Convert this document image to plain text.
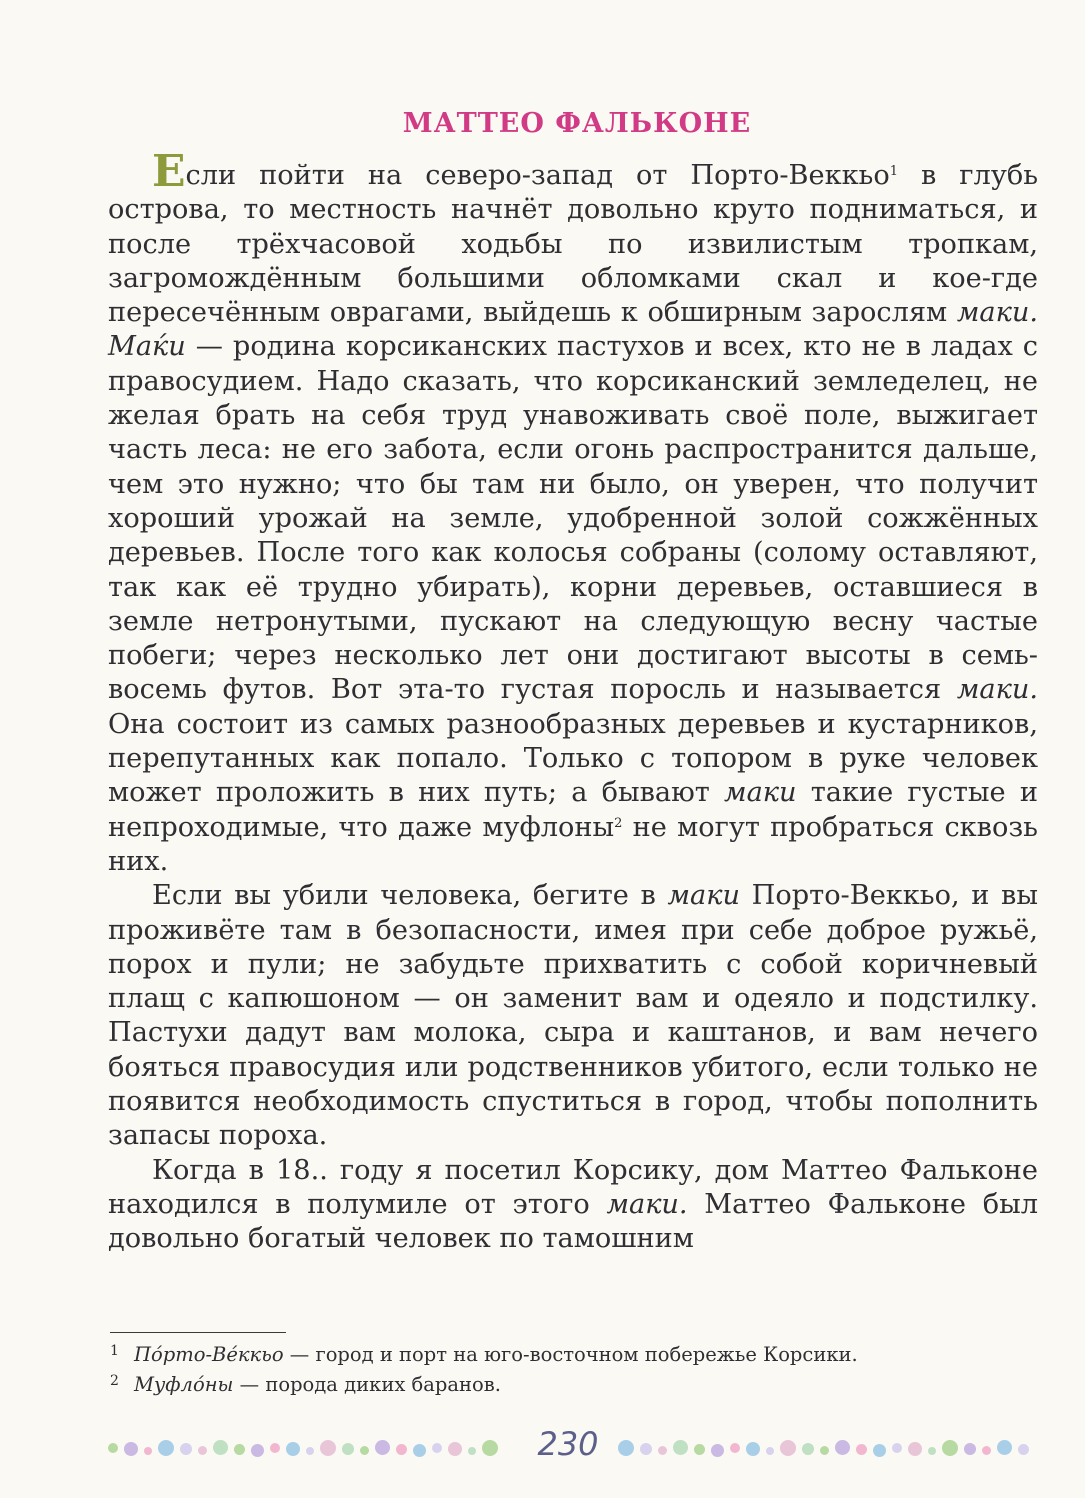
МАТТЕО ФАЛЬКОНЕ

Если пойти на северо-запад от Порто-Веккьо$^1$ в глубь острова, то местность начнёт довольно круто подниматься, и после трёхчасовой ходьбы по извилистым тропкам, загромождённым большими обломками скал и кое-где пересечённым оврагами, выйдешь к обширным зарослям маки. Маќи — родина корсиканских пастухов и всех, кто не в ладах с правосудием. Надо сказать, что корсиканский земледелец, не желая брать на себя труд унавоживать своё поле, выжигает часть леса: не его забота, если огонь распространится дальше, чем это нужно; что бы там ни было, он уверен, что получит хороший урожай на земле, удобренной золой сожжённых деревьев. После того как колосья собраны (солому оставляют, так как её трудно убирать), корни деревьев, оставшиеся в земле нетронутыми, пускают на следующую весну частые побеги; через несколько лет они достигают высоты в семь-восемь футов. Вот эта-то густая поросль и называется маки. Она состоит из самых разнообразных деревьев и кустарников, перепутанных как попало. Только с топором в руке человек может проложить в них путь; а бывают маки такие густые и непроходимые, что даже муфлоны$^2$ не могут пробраться сквозь них.

Если вы убили человека, бегите в маки Порто-Веккьо, и вы проживёте там в безопасности, имея при себе доброе ружьё, порох и пули; не забудьте прихватить с собой коричневый плащ с капюшоном — он заменит вам и одеяло и подстилку. Пастухи дадут вам молока, сыра и каштанов, и вам нечего бояться правосудия или родственников убитого, если только не появится необходимость спуститься в город, чтобы пополнить запасы пороха.

Когда в 18.. году я посетил Корсику, дом Маттео Фальконе находился в полумиле от этого маки. Маттео Фальконе был довольно богатый человек по тамошним

1 По́рто-Ве́ккьо — город и порт на юго-восточном побережье Корсики.
2 Муфло́ны — порода диких баранов.
230
